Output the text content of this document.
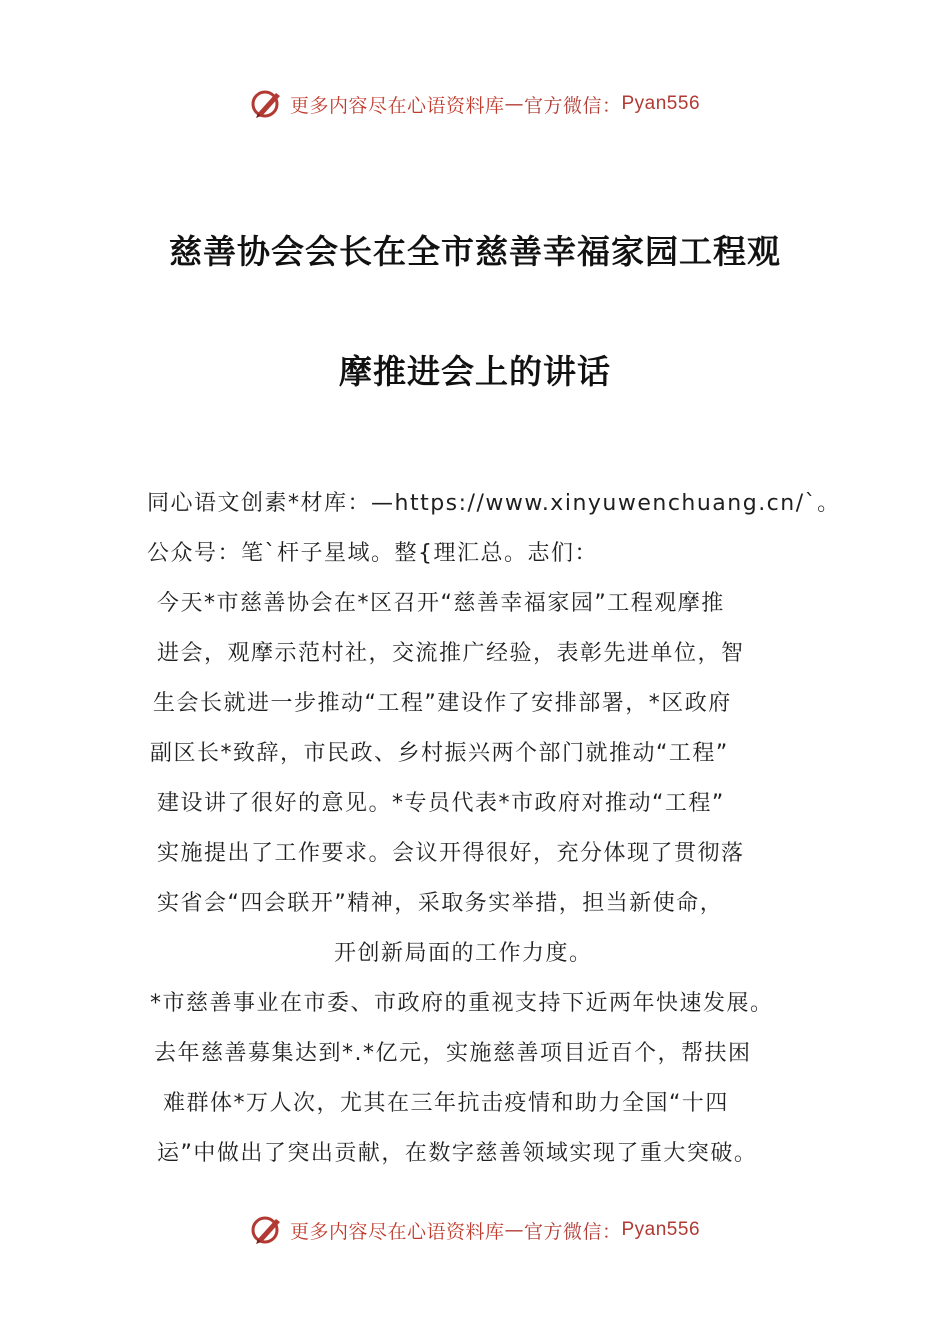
更多内容尽在心语资料库 — 官方微信： Pyan556
慈善协会会长在全市慈善幸福家园工程观
摩推进会上的讲话
同心语文创素*材库：—https://www.xinyuwenchuang.cn/`。
公众号：笔`杆子星域。整{理汇总。志们：
今天*市慈善协会在*区召开“慈善幸福家园”工程观摩推
进会，观摩示范村社，交流推广经验，表彰先进单位，智
生会长就进一步推动“工程”建设作了安排部署，*区政府
副区长*致辞，市民政、乡村振兴两个部门就推动“工程”
建设讲了很好的意见。*专员代表*市政府对推动“工程”
实施提出了工作要求。会议开得很好，充分体现了贯彻落
实省会“四会联开”精神，采取务实举措，担当新使命，
开创新局面的工作力度。
*市慈善事业在市委、市政府的重视支持下近两年快速发展。
去年慈善募集达到*.*亿元，实施慈善项目近百个，帮扶困
难群体*万人次，尤其在三年抗击疫情和助力全国“十四
运”中做出了突出贡献，在数字慈善领域实现了重大突破。
更多内容尽在心语资料库 — 官方微信： Pyan556
